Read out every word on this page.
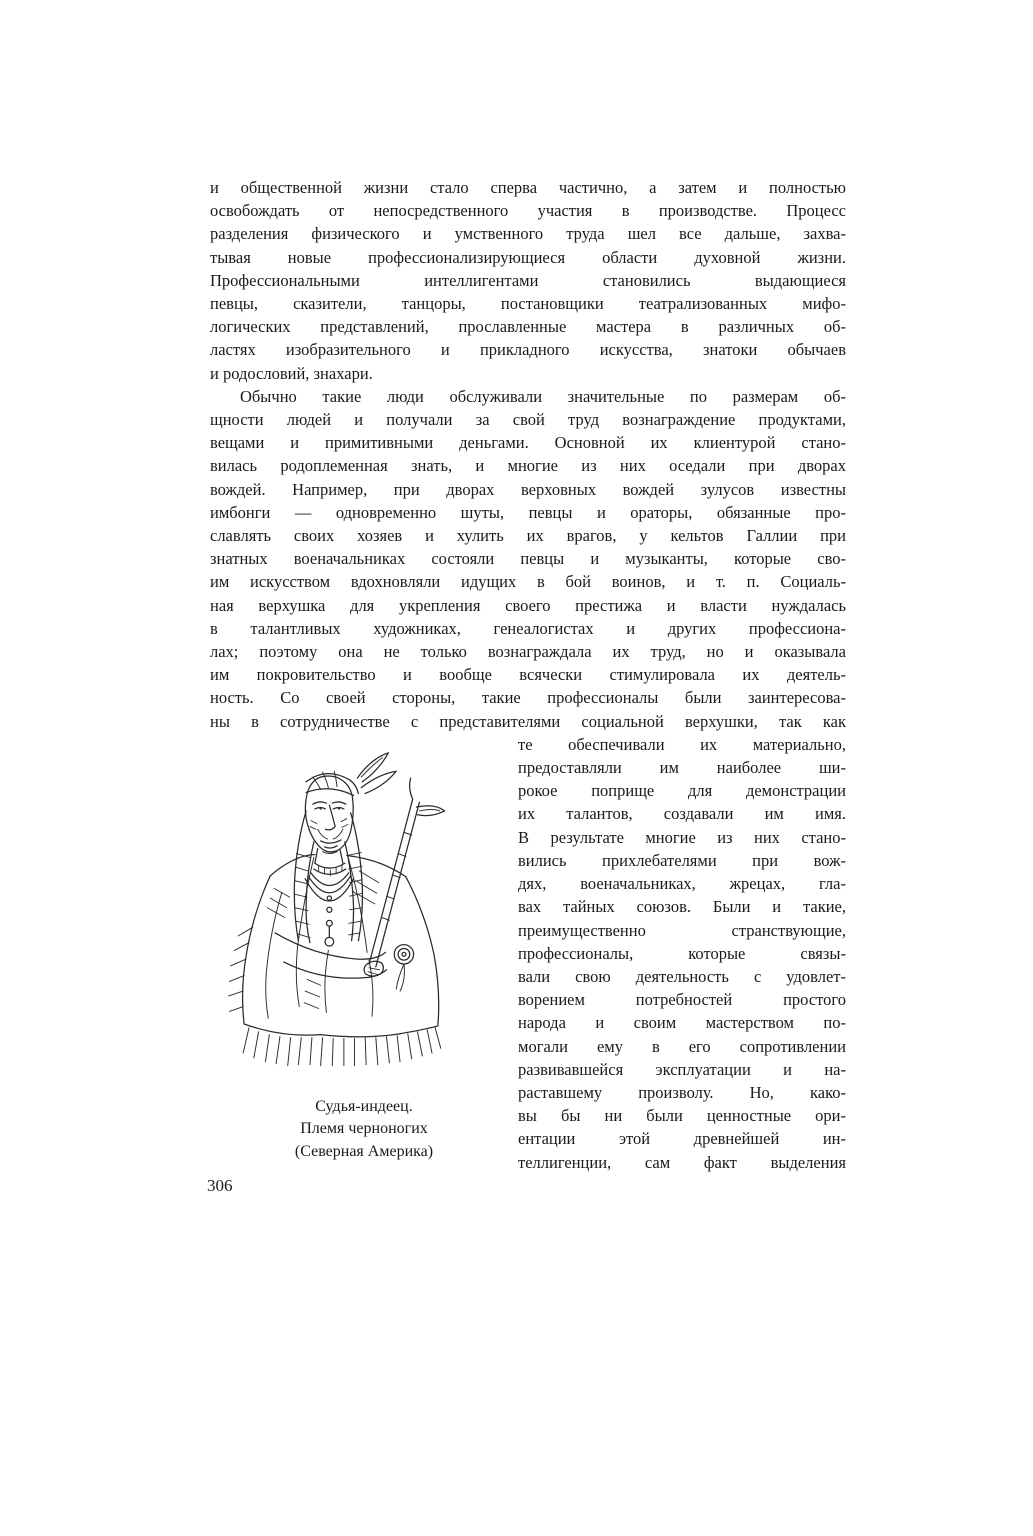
и общественной жизни стало сперва частично, а затем и полностью
освобождать от непосредственного участия в производстве. Процесс
разделения физического и умственного труда шел все дальше, захва-
тывая новые профессионализирующиеся области духовной жизни.
Профессиональными интеллигентами становились выдающиеся
певцы, сказители, танцоры, постановщики театрализованных мифо-
логических представлений, прославленные мастера в различных об-
ластях изобразительного и прикладного искусства, знатоки обычаев
и родословий, знахари.
Обычно такие люди обслуживали значительные по размерам об-
щности людей и получали за свой труд вознаграждение продуктами,
вещами и примитивными деньгами. Основной их клиентурой стано-
вилась родоплеменная знать, и многие из них оседали при дворах
вождей. Например, при дворах верховных вождей зулусов известны
имбонги — одновременно шуты, певцы и ораторы, обязанные про-
славлять своих хозяев и хулить их врагов, у кельтов Галлии при
знатных военачальниках состояли певцы и музыканты, которые сво-
им искусством вдохновляли идущих в бой воинов, и т. п. Социаль-
ная верхушка для укрепления своего престижа и власти нуждалась
в талантливых художниках, генеалогистах и других профессиона-
лах; поэтому она не только вознаграждала их труд, но и оказывала
им покровительство и вообще всячески стимулировала их деятель-
ность. Со своей стороны, такие профессионалы были заинтересова-
ны в сотрудничестве с представителями социальной верхушки, так как
Судья-индеец.
Племя черноногих
(Северная Америка)
те обеспечивали их материально,
предоставляли им наиболее ши-
рокое поприще для демонстрации
их талантов, создавали им имя.
В результате многие из них стано-
вились прихлебателями при вож-
дях, военачальниках, жрецах, гла-
вах тайных союзов. Были и такие,
преимущественно странствующие,
профессионалы, которые связы-
вали свою деятельность с удовлет-
ворением потребностей простого
народа и своим мастерством по-
могали ему в его сопротивлении
развивавшейся эксплуатации и на-
раставшему произволу. Но, како-
вы бы ни были ценностные ори-
ентации этой древнейшей ин-
теллигенции, сам факт выделения
306
